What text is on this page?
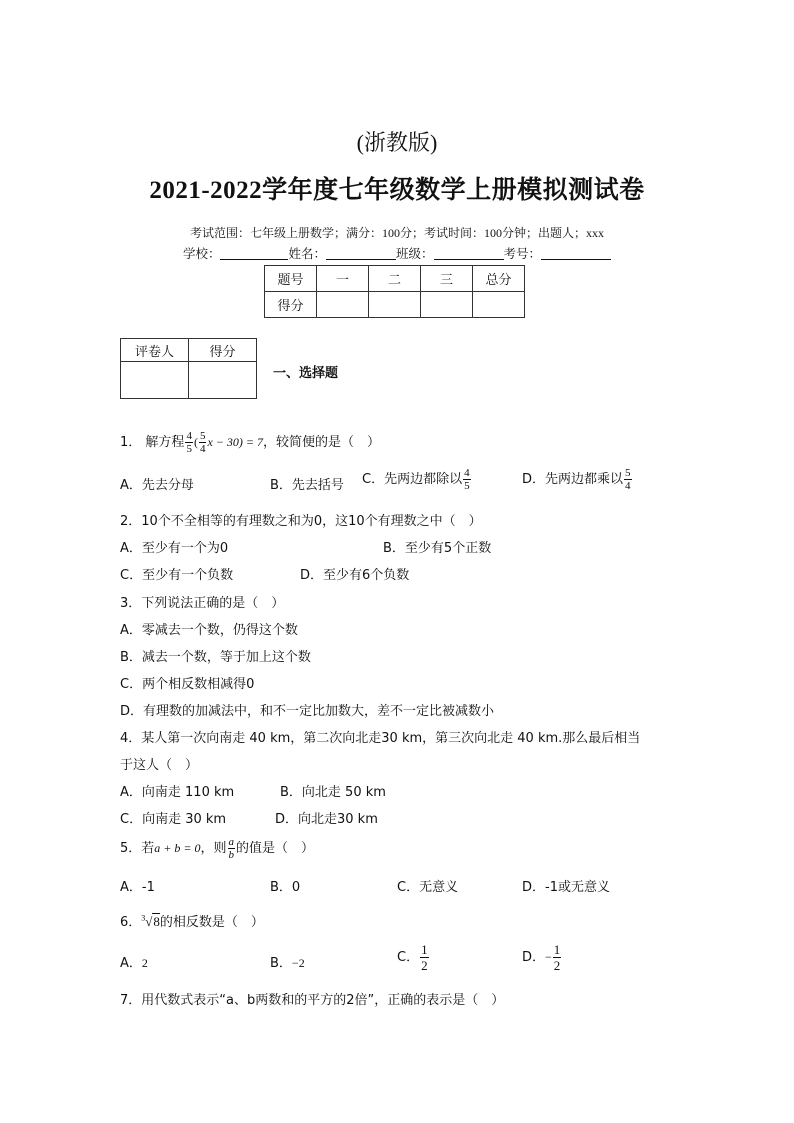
(浙教版)
2021-2022学年度七年级数学上册模拟测试卷
考试范围：七年级上册数学；满分：100分；考试时间：100分钟；出题人；xxx
学校：	姓名：	班级：	考号：
题号	一	二	三	总分
得分				
评卷人	得分

一、选择题
1． 解方程 $\frac{4}{5}$ ( $\frac{5}{4}$ x − 30) = 7，较简便的是（　）
A．先去分母	B．先去括号 C．先两边都除以 $\frac{4}{5}$	D．先两边都乘以 $\frac{5}{4}$
2．10个不全相等的有理数之和为0，这10个有理数之中（　）
A．至少有一个为0	B．至少有5个正数
C．至少有一个负数	D．至少有6个负数
3．下列说法正确的是（　）
A．零减去一个数，仍得这个数
B．减去一个数，等于加上这个数
C．两个相反数相减得0
D．有理数的加减法中，和不一定比加数大，差不一定比被减数小
4．某人第一次向南走 40 km，第二次向北走30 km，第三次向北走 40 km.那么最后相当
于这人（　）
A．向南走 110 km	B．向北走 50 km
C．向南走 30 km	D．向北走30 km
5．若a + b = 0，则 $\frac{a}{b}$ 的值是（　）
A．-1	B．0	C．无意义	D．-1或无意义
6．$^3$√8的相反数是（　）
A．2	B．−2	C． $\frac{1}{2}$	D．− $\frac{1}{2}$
7．用代数式表示“a、b两数和的平方的2倍”，正确的表示是（　）
